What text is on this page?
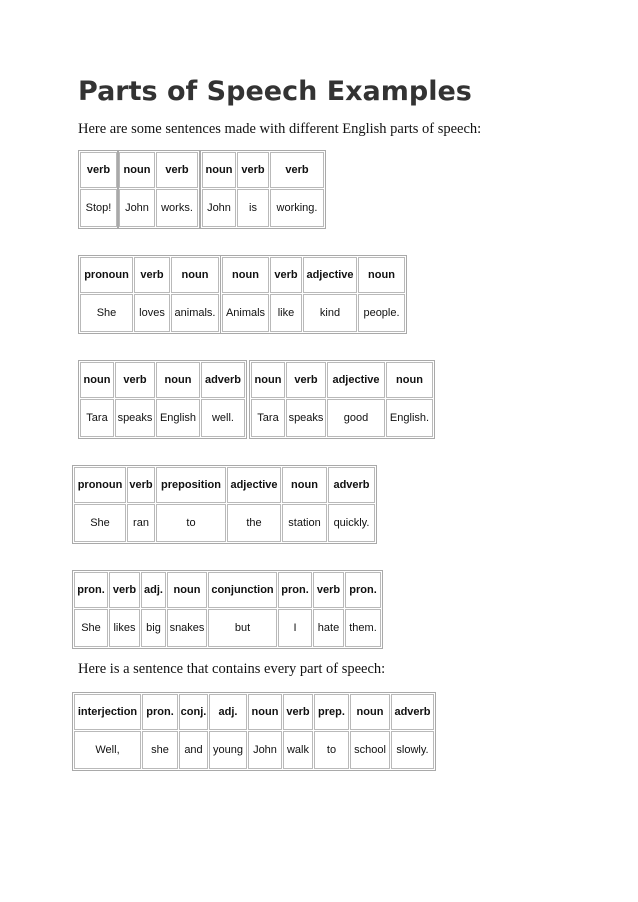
Parts of Speech Examples

Here are some sentences made with different English parts of speech:

Here is a sentence that contains every part of speech:

verb
Stop!
noun	verb
John	works.
noun	verb	verb
John	is	working.
pronoun	verb	noun
She	loves	animals.
noun	verb	adjective	noun
Animals	like	kind	people.
noun	verb	noun	adverb
Tara	speaks	English	well.
noun	verb	adjective	noun
Tara	speaks	good	English.
pronoun	verb	preposition	adjective	noun	adverb
She	ran	to	the	station	quickly.
pron.	verb	adj.	noun	conjunction	pron.	verb	pron.
She	likes	big	snakes	but	I	hate	them.
interjection	pron.	conj.	adj.	noun	verb	prep.	noun	adverb
Well,	she	and	young	John	walk	to	school	slowly.
